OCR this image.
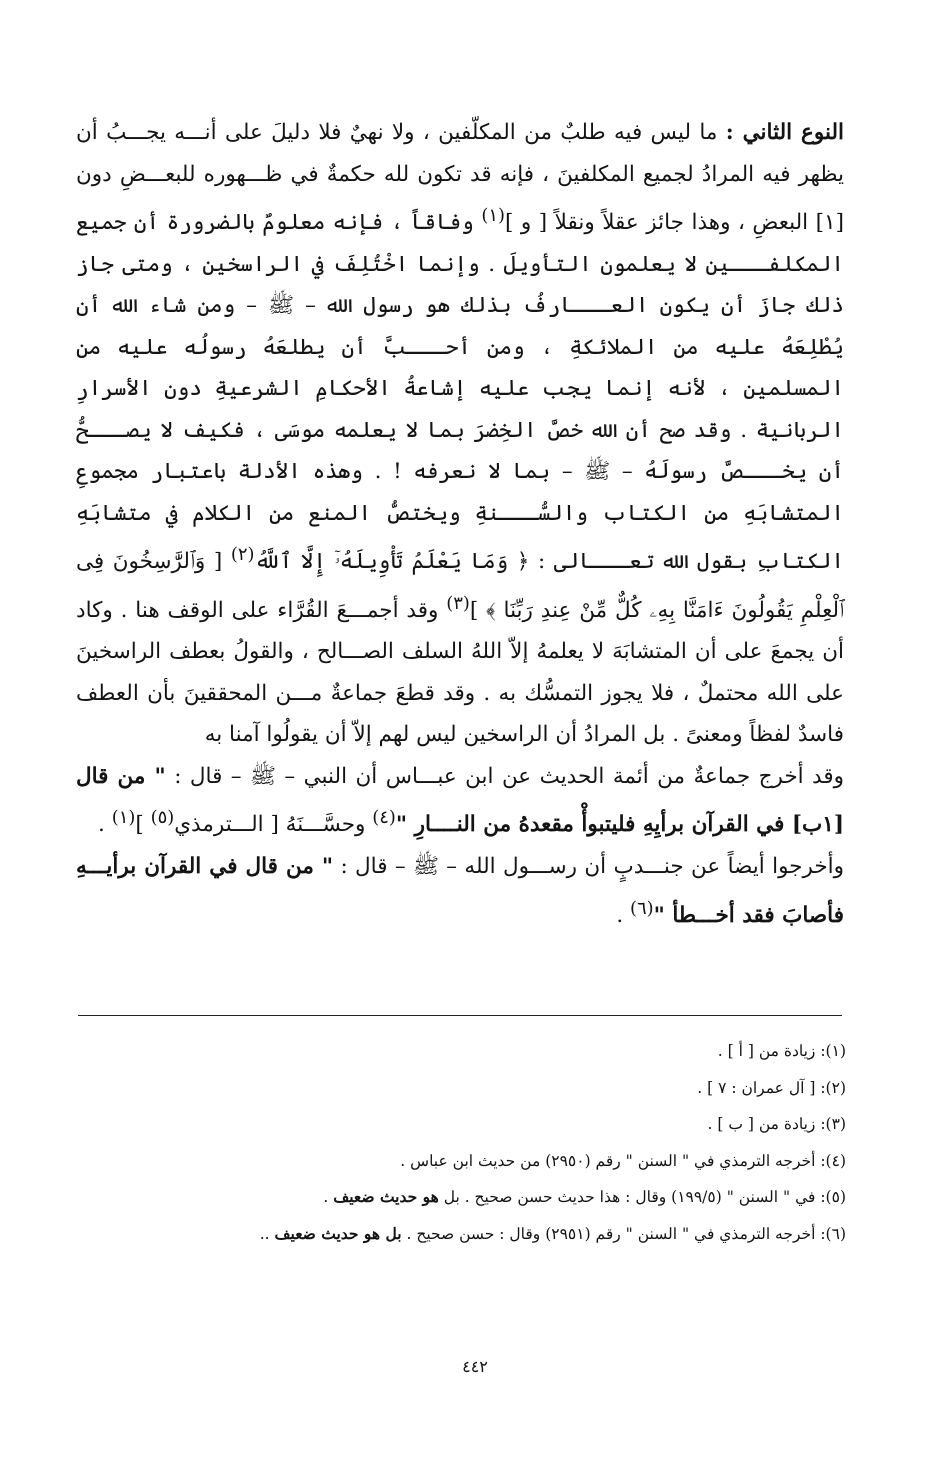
النوع الثاني : ما ليس فيه طلبٌ من المكلّفين ، ولا نهيٌ فلا دليلَ على أنـــه يجـــبُ أن يظهر فيه المرادُ لجميع المكلفينَ ، فإنه قد تكون لله حكمةٌ في ظـــهوره للبعـــضِ دون [١] البعضِ ، وهذا جائز عقلاً ونقلاً [ و ]$^{(١)}$ وفاقاً ، فإنه معلومٌ بالضرورة أن جميع المكلفـــين لا يعلمون التأويلَ . وإنما اخْتُلِفَ في الراسخين ، ومتى جاز ذلك جازَ أن يكون العـــارفُ بذلك هو رسول الله – ﷺ – ومن شاء الله أن يُطْلِعَهُ عليه من الملائكةِ ، ومن أحـــبَّ أن يطلعَهُ رسولُه عليه من المسلمين ، لأنه إنما يجب عليه إشاعةُ الأحكامِ الشرعيةِ دون الأسرارِ الربانية . وقد صح أن الله خصَّ الخِضرَ بما لا يعلمه موسَى ، فكيف لا يصـــحُّ أن يخـــصَّ رسولَهُ – ﷺ – بما لا نعرفه ! . وهذه الأدلة باعتبار مجموعِ المتشابَهِ من الكتاب والسُّـــنةِ ويختصُّ المنع من الكلام في متشابَهِ الكتابِ بقول الله تعـــالى : ﴿ وَمَا يَعْلَمُ تَأْوِيلَهُۥٓ إِلَّا ٱللَّهُ$^{(٢)}$ [ وَٱلرَّٰسِخُونَ فِى ٱلْعِلْمِ يَقُولُونَ ءَامَنَّا بِهِۦ كُلٌّ مِّنْ عِندِ رَبِّنَا ﴾ ]$^{(٣)}$ وقد أجمـــعَ القُرَّاء على الوقف هنا . وكاد أن يجمعَ على أن المتشابَهَ لا يعلمهُ إلاّ اللهُ السلف الصـــالح ، والقولُ بعطف الراسخينَ على الله محتملٌ ، فلا يجوز التمسُّك به . وقد قطعَ جماعةٌ مـــن المحققينَ بأن العطف فاسدٌ لفظاً ومعنىً . بل المرادُ أن الراسخين ليس لهم إلاّ أن يقولُوا آمنا به

وقد أخرج جماعةٌ من أئمة الحديث عن ابن عبـــاس أن النبي – ﷺ – قال : " من قال [١ب] في القرآن برأيِهِ فليتبوأْ مقعدهُ من النــــارِ "$^{(٤)}$ وحسَّـــنَهُ [ الـــترمذي$^{(٥)}$ ]$^{(١)}$ .

وأخرجوا أيضاً عن جنـــدبٍ أن رســـول الله – ﷺ – قال : " من قال في القرآن برأيـــهِ فأصابَ فقد أخـــطأ "$^{(٦)}$ .

(١): زيادة من [ أ ] .
(٢): [ آل عمران : ٧ ] .
(٣): زيادة من [ ب ] .
(٤): أخرجه الترمذي في " السنن " رقم (٢٩٥٠) من حديث ابن عباس .
(٥): في " السنن " (١٩٩/٥) وقال : هذا حديث حسن صحيح . بل هو حديث ضعيف .
(٦): أخرجه الترمذي في " السنن " رقم (٢٩٥١) وقال : حسن صحيح . بل هو حديث ضعيف ..
٤٤٢
